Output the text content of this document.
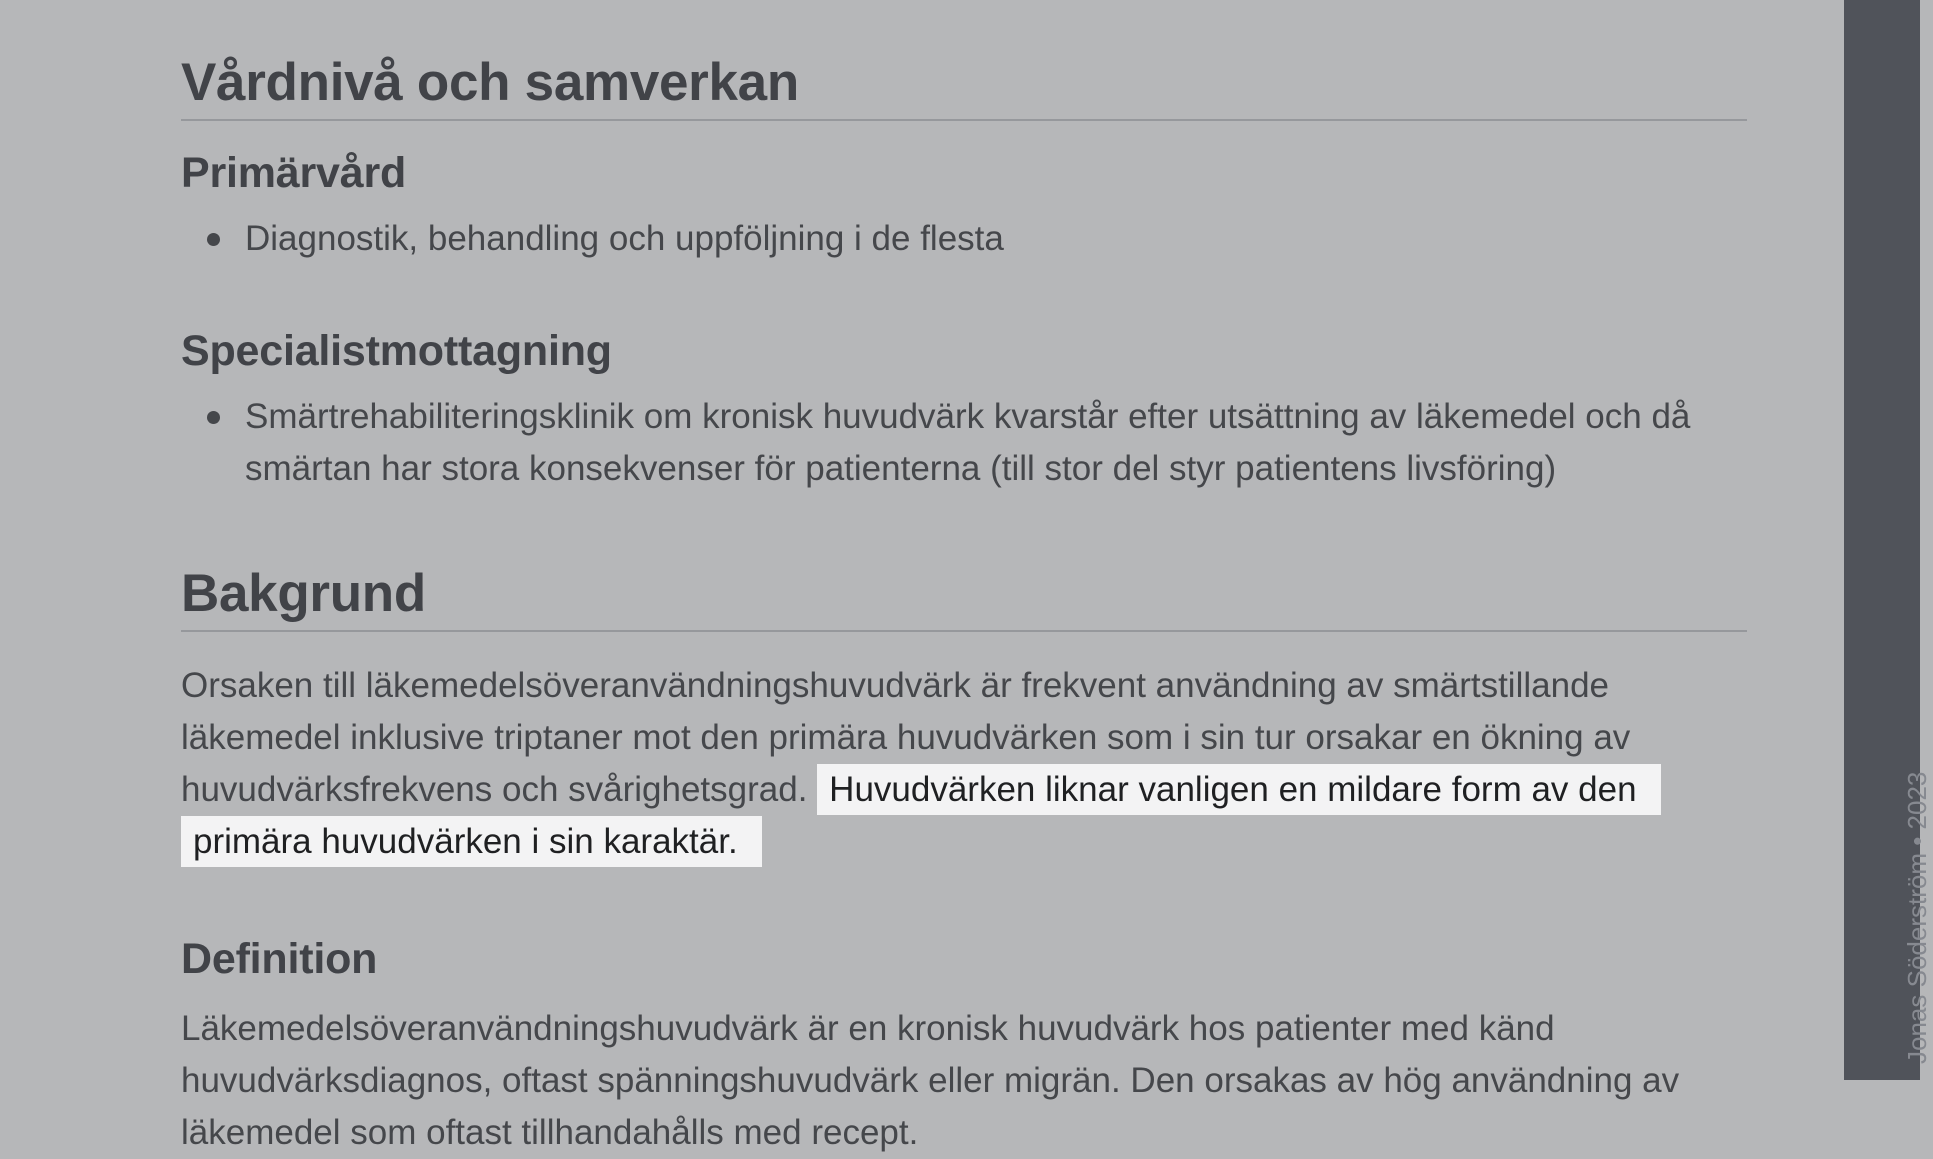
Vårdnivå och samverkan
Primärvård
Diagnostik, behandling och uppföljning i de flesta
Specialistmottagning
Smärtrehabiliteringsklinik om kronisk huvudvärk kvarstår efter utsättning av läkemedel och då smärtan har stora konsekvenser för patienterna (till stor del styr patientens livsföring)
Bakgrund

Orsaken till läkemedelsöveranvändningshuvudvärk är frekvent användning av smärtstillande läkemedel inklusive triptaner mot den primära huvudvärken som i sin tur orsakar en ökning av huvudvärksfrekvens och svårighetsgrad. Huvudvärken liknar vanligen en mildare form av den primära huvudvärken i sin karaktär.

Definition

Läkemedelsöveranvändningshuvudvärk är en kronisk huvudvärk hos patienter med känd huvudvärksdiagnos, oftast spänningshuvudvärk eller migrän. Den orsakas av hög användning av läkemedel som oftast tillhandahålls med recept.

Jonas Söderström • 2023
